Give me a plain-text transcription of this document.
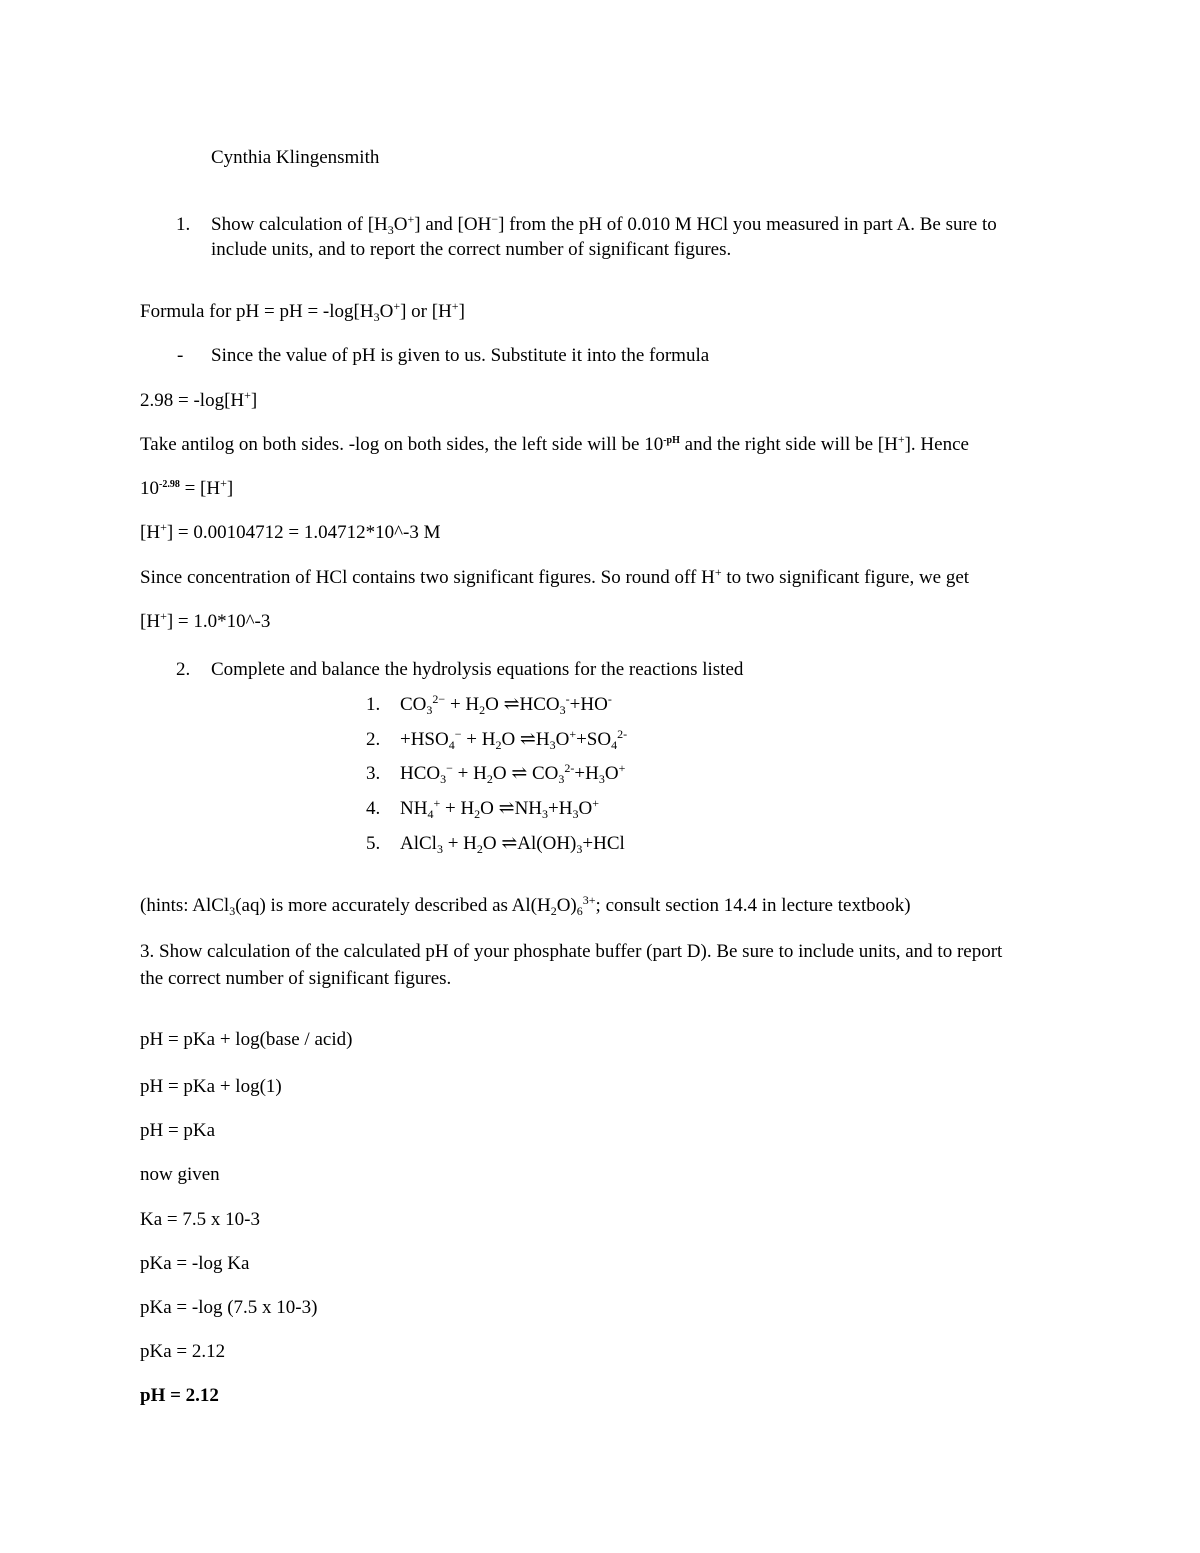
Cynthia Klingensmith
1. Show calculation of $[H_3O^+]$ and [OH−] from the pH of 0.010 M HCl you measured in part A. Be sure to
include units, and to report the correct number of significant figures.
Formula for pH = pH = $-\log[H_3O^+]$ or [H+]
- Since the value of pH is given to us. Substitute it into the formula
2.98 = -log[H+]
Take antilog on both sides. -log on both sides, the left side will be $10^{-pH}$ and the right side will be [H+]. Hence
$10^{-2.98} = [H^+]$
[H+] = 0.00104712 = 1.04712*10^-3 M
Since concentration of HCl contains two significant figures. So round off H+ to two significant figure, we get
[H+] = 1.0*10^-3
2. Complete and balance the hydrolysis equations for the reactions listed
1. $CO_3^{2-} + H_2O$ $\rightleftharpoons HCO_3^-+HO^-$
2. $+HSO_4^- + H_2O$ $\rightleftharpoons H_3O^++SO_4^{2-}$
3. $HCO_3^- + H_2O$ ⇌ $CO_3^{2-}+H_3O^+$
4. $NH_4^+ + H_2O$ $\rightleftharpoons NH_3+H_3O^+$
5. AlCl$_3$ + $H_2O$ $\rightleftharpoons Al(OH)_3+HCl$
(hints: AlCl$_3$(aq) is more accurately described as $Al(H_2O)_6^{3+}$; consult section 14.4 in lecture textbook)
3. Show calculation of the calculated pH of your phosphate buffer (part D). Be sure to include units, and to report
the correct number of significant figures.
pH = pKa + log(base / acid)
pH = pKa + log(1)
pH = pKa
now given
Ka = 7.5 x 10-3
pKa = -log Ka
pKa = -log (7.5 x 10-3)
pKa = 2.12
pH = 2.12
